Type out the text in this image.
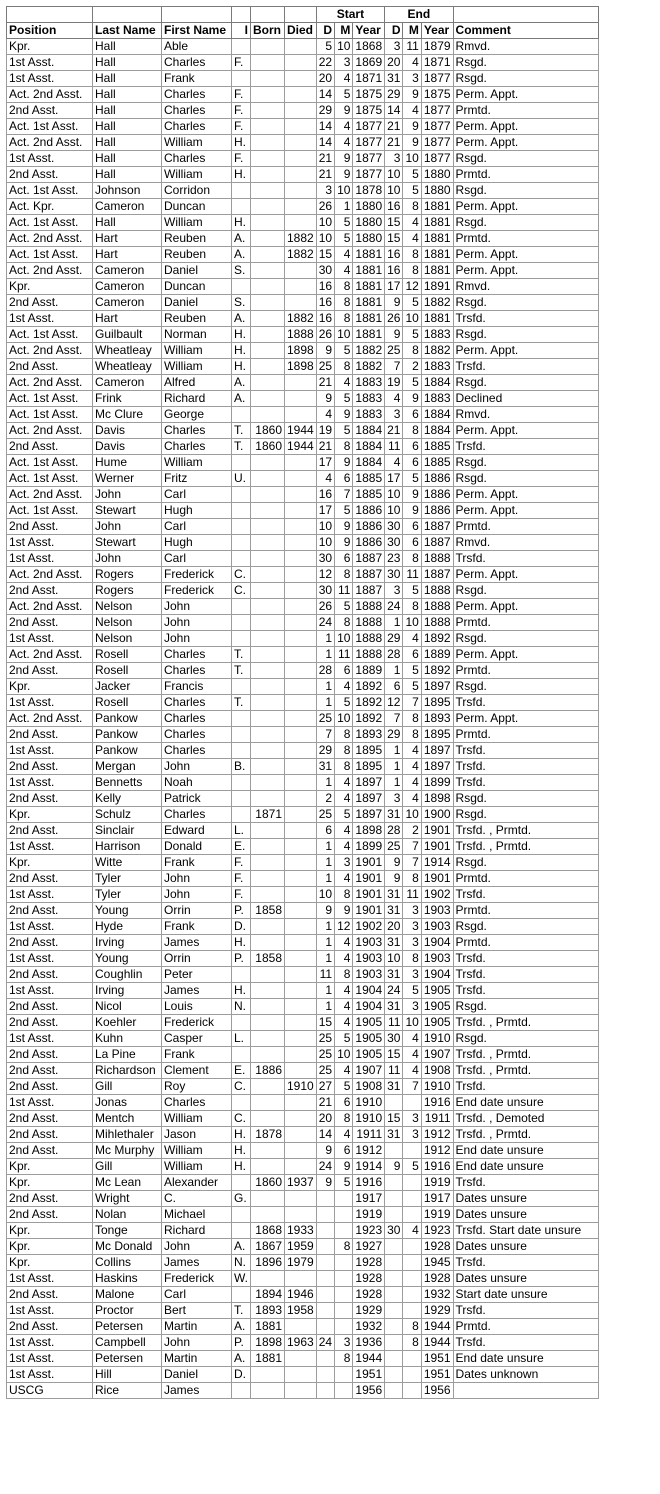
						Start			End			
Position	Last Name	First Name	I	Born	Died	D	M	Year	D	M	Year	Comment
Kpr.	Hall	Able				5	10	1868	3	11	1879	Rmvd.
1st Asst.	Hall	Charles	F.			22	3	1869	20	4	1871	Rsgd.
1st Asst.	Hall	Frank				20	4	1871	31	3	1877	Rsgd.
Act. 2nd Asst.	Hall	Charles	F.			14	5	1875	29	9	1875	Perm. Appt.
2nd Asst.	Hall	Charles	F.			29	9	1875	14	4	1877	Prmtd.
Act. 1st Asst.	Hall	Charles	F.			14	4	1877	21	9	1877	Perm. Appt.
Act. 2nd Asst.	Hall	William	H.			14	4	1877	21	9	1877	Perm. Appt.
1st Asst.	Hall	Charles	F.			21	9	1877	3	10	1877	Rsgd.
2nd Asst.	Hall	William	H.			21	9	1877	10	5	1880	Prmtd.
Act. 1st Asst.	Johnson	Corridon				3	10	1878	10	5	1880	Rsgd.
Act. Kpr.	Cameron	Duncan				26	1	1880	16	8	1881	Perm. Appt.
Act. 1st Asst.	Hall	William	H.			10	5	1880	15	4	1881	Rsgd.
Act. 2nd Asst.	Hart	Reuben	A.		1882	10	5	1880	15	4	1881	Prmtd.
Act. 1st Asst.	Hart	Reuben	A.		1882	15	4	1881	16	8	1881	Perm. Appt.
Act. 2nd Asst.	Cameron	Daniel	S.			30	4	1881	16	8	1881	Perm. Appt.
Kpr.	Cameron	Duncan				16	8	1881	17	12	1891	Rmvd.
2nd Asst.	Cameron	Daniel	S.			16	8	1881	9	5	1882	Rsgd.
1st Asst.	Hart	Reuben	A.		1882	16	8	1881	26	10	1881	Trsfd.
Act. 1st Asst.	Guilbault	Norman	H.		1888	26	10	1881	9	5	1883	Rsgd.
Act. 2nd Asst.	Wheatleay	William	H.		1898	9	5	1882	25	8	1882	Perm. Appt.
2nd Asst.	Wheatleay	William	H.		1898	25	8	1882	7	2	1883	Trsfd.
Act. 2nd Asst.	Cameron	Alfred	A.			21	4	1883	19	5	1884	Rsgd.
Act. 1st Asst.	Frink	Richard	A.			9	5	1883	4	9	1883	Declined
Act. 1st Asst.	Mc Clure	George				4	9	1883	3	6	1884	Rmvd.
Act. 2nd Asst.	Davis	Charles	T.	1860	1944	19	5	1884	21	8	1884	Perm. Appt.
2nd Asst.	Davis	Charles	T.	1860	1944	21	8	1884	11	6	1885	Trsfd.
Act. 1st Asst.	Hume	William				17	9	1884	4	6	1885	Rsgd.
Act. 1st Asst.	Werner	Fritz	U.			4	6	1885	17	5	1886	Rsgd.
Act. 2nd Asst.	John	Carl				16	7	1885	10	9	1886	Perm. Appt.
Act. 1st Asst.	Stewart	Hugh				17	5	1886	10	9	1886	Perm. Appt.
2nd Asst.	John	Carl				10	9	1886	30	6	1887	Prmtd.
1st Asst.	Stewart	Hugh				10	9	1886	30	6	1887	Rmvd.
1st Asst.	John	Carl				30	6	1887	23	8	1888	Trsfd.
Act. 2nd Asst.	Rogers	Frederick	C.			12	8	1887	30	11	1887	Perm. Appt.
2nd Asst.	Rogers	Frederick	C.			30	11	1887	3	5	1888	Rsgd.
Act. 2nd Asst.	Nelson	John				26	5	1888	24	8	1888	Perm. Appt.
2nd Asst.	Nelson	John				24	8	1888	1	10	1888	Prmtd.
1st Asst.	Nelson	John				1	10	1888	29	4	1892	Rsgd.
Act. 2nd Asst.	Rosell	Charles	T.			1	11	1888	28	6	1889	Perm. Appt.
2nd Asst.	Rosell	Charles	T.			28	6	1889	1	5	1892	Prmtd.
Kpr.	Jacker	Francis				1	4	1892	6	5	1897	Rsgd.
1st Asst.	Rosell	Charles	T.			1	5	1892	12	7	1895	Trsfd.
Act. 2nd Asst.	Pankow	Charles				25	10	1892	7	8	1893	Perm. Appt.
2nd Asst.	Pankow	Charles				7	8	1893	29	8	1895	Prmtd.
1st Asst.	Pankow	Charles				29	8	1895	1	4	1897	Trsfd.
2nd Asst.	Mergan	John	B.			31	8	1895	1	4	1897	Trsfd.
1st Asst.	Bennetts	Noah				1	4	1897	1	4	1899	Trsfd.
2nd Asst.	Kelly	Patrick				2	4	1897	3	4	1898	Rsgd.
Kpr.	Schulz	Charles		1871		25	5	1897	31	10	1900	Rsgd.
2nd Asst.	Sinclair	Edward	L.			6	4	1898	28	2	1901	Trsfd. , Prmtd.
1st Asst.	Harrison	Donald	E.			1	4	1899	25	7	1901	Trsfd. , Prmtd.
Kpr.	Witte	Frank	F.			1	3	1901	9	7	1914	Rsgd.
2nd Asst.	Tyler	John	F.			1	4	1901	9	8	1901	Prmtd.
1st Asst.	Tyler	John	F.			10	8	1901	31	11	1902	Trsfd.
2nd Asst.	Young	Orrin	P.	1858		9	9	1901	31	3	1903	Prmtd.
1st Asst.	Hyde	Frank	D.			1	12	1902	20	3	1903	Rsgd.
2nd Asst.	Irving	James	H.			1	4	1903	31	3	1904	Prmtd.
1st Asst.	Young	Orrin	P.	1858		1	4	1903	10	8	1903	Trsfd.
2nd Asst.	Coughlin	Peter				11	8	1903	31	3	1904	Trsfd.
1st Asst.	Irving	James	H.			1	4	1904	24	5	1905	Trsfd.
2nd Asst.	Nicol	Louis	N.			1	4	1904	31	3	1905	Rsgd.
2nd Asst.	Koehler	Frederick				15	4	1905	11	10	1905	Trsfd. , Prmtd.
1st Asst.	Kuhn	Casper	L.			25	5	1905	30	4	1910	Rsgd.
2nd Asst.	La Pine	Frank				25	10	1905	15	4	1907	Trsfd. , Prmtd.
2nd Asst.	Richardson	Clement	E.	1886		25	4	1907	11	4	1908	Trsfd. , Prmtd.
2nd Asst.	Gill	Roy	C.		1910	27	5	1908	31	7	1910	Trsfd.
1st Asst.	Jonas	Charles				21	6	1910			1916	End date unsure
2nd Asst.	Mentch	William	C.			20	8	1910	15	3	1911	Trsfd. , Demoted
2nd Asst.	Mihlethaler	Jason	H.	1878		14	4	1911	31	3	1912	Trsfd. , Prmtd.
2nd Asst.	Mc Murphy	William	H.			9	6	1912			1912	End date unsure
Kpr.	Gill	William	H.			24	9	1914	9	5	1916	End date unsure
Kpr.	Mc Lean	Alexander		1860	1937	9	5	1916			1919	Trsfd.
2nd Asst.	Wright	C.	G.					1917			1917	Dates unsure
2nd Asst.	Nolan	Michael						1919			1919	Dates unsure
Kpr.	Tonge	Richard		1868	1933			1923	30	4	1923	Trsfd. Start date unsure
Kpr.	Mc Donald	John	A.	1867	1959		8	1927			1928	Dates unsure
Kpr.	Collins	James	N.	1896	1979			1928			1945	Trsfd.
1st Asst.	Haskins	Frederick	W.					1928			1928	Dates unsure
2nd Asst.	Malone	Carl		1894	1946			1928			1932	Start date unsure
1st Asst.	Proctor	Bert	T.	1893	1958			1929			1929	Trsfd.
2nd Asst.	Petersen	Martin	A.	1881				1932		8	1944	Prmtd.
1st Asst.	Campbell	John	P.	1898	1963	24	3	1936		8	1944	Trsfd.
1st Asst.	Petersen	Martin	A.	1881			8	1944			1951	End date unsure
1st Asst.	Hill	Daniel	D.					1951			1951	Dates unknown
USCG	Rice	James						1956			1956	
